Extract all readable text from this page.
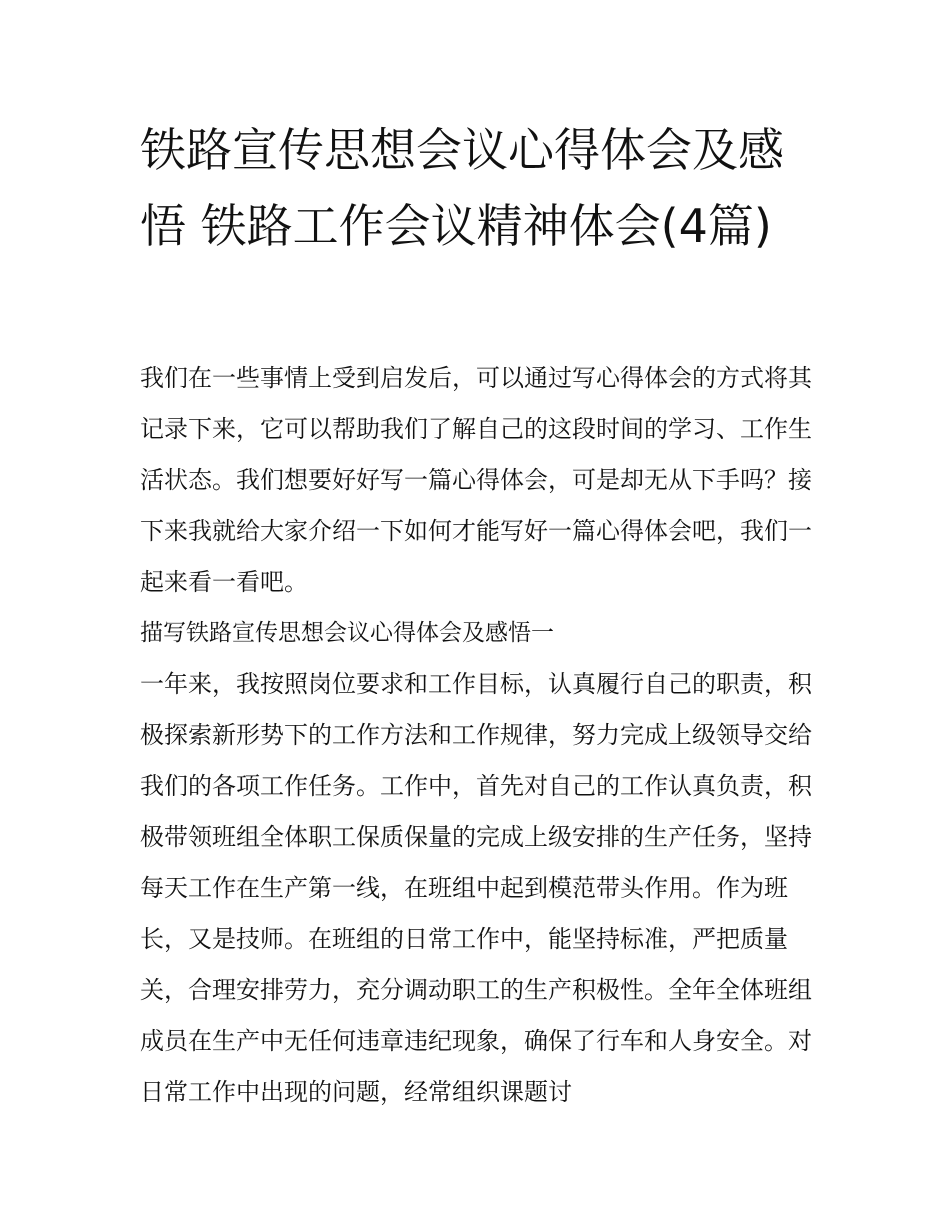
铁路宣传思想会议心得体会及感悟 铁路工作会议精神体会(4篇)

我们在一些事情上受到启发后，可以通过写心得体会的方式将其记录下来，它可以帮助我们了解自己的这段时间的学习、工作生活状态。我们想要好好写一篇心得体会，可是却无从下手吗？接下来我就给大家介绍一下如何才能写好一篇心得体会吧，我们一起来看一看吧。

描写铁路宣传思想会议心得体会及感悟一

一年来，我按照岗位要求和工作目标，认真履行自己的职责，积极探索新形势下的工作方法和工作规律，努力完成上级领导交给我们的各项工作任务。工作中，首先对自己的工作认真负责，积极带领班组全体职工保质保量的完成上级安排的生产任务，坚持每天工作在生产第一线，在班组中起到模范带头作用。作为班长，又是技师。在班组的日常工作中，能坚持标准，严把质量关，合理安排劳力，充分调动职工的生产积极性。全年全体班组成员在生产中无任何违章违纪现象，确保了行车和人身安全。对日常工作中出现的问题，经常组织课题讨
